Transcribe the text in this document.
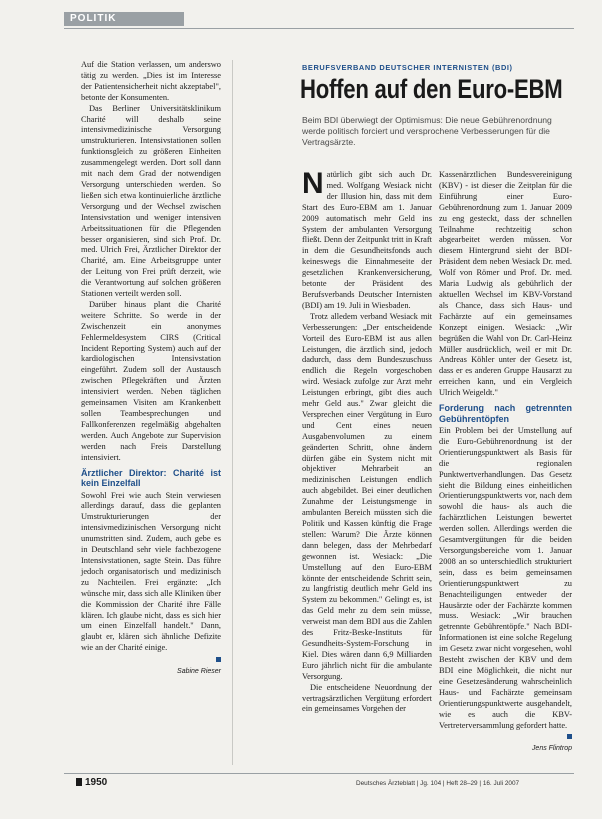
POLITIK

Auf die Station verlassen, um anderswo tätig zu werden. „Dies ist im Interesse der Patientensicherheit nicht akzeptabel", betonte der Konsumenten.

Das Berliner Universitätsklinikum Charité will deshalb seine intensivmedizinische Versorgung umstrukturieren. Intensivstationen sollen funktionsgleich zu größeren Einheiten zusammengelegt werden. Dort soll dann mit nach dem Grad der notwendigen Versorgung unterschieden werden. So ließen sich etwa kontinuierliche ärztliche Versorgung und der Wechsel zwischen Intensivstation und weniger intensiven Arbeitssituationen für die Pflegenden besser organisieren, sind sich Prof. Dr. med. Ulrich Frei, Ärztlicher Direktor der Charité, am. Eine Arbeitsgruppe unter der Leitung von Frei prüft derzeit, wie die Verantwortung auf solchen größeren Stationen verteilt werden soll.

Darüber hinaus plant die Charité weitere Schritte. So werde in der Zwischenzeit ein anonymes Fehlermeldesystem CIRS (Critical Incident Reporting System) auch auf der kardiologischen Intensivstation eingeführt. Zudem soll der Austausch zwischen Pflegekräften und Ärzten intensiviert werden. Neben täglichen gemeinsamen Visiten am Krankenbett sollen Teambesprechungen und Fallkonferenzen regelmäßig abgehalten werden. Auch Angebote zur Supervision werden nach Freis Darstellung intensiviert.

Ärztlicher Direktor: Charité ist kein Einzelfall

Sowohl Frei wie auch Stein verwiesen allerdings darauf, dass die geplanten Umstrukturierungen der intensivmedizinischen Versorgung nicht unumstritten sind. Zudem, auch gebe es in Deutschland sehr viele fachbezogene Intensivstationen, sagte Stein. Das führe jedoch organisatorisch und medizinisch zu Nachteilen. Frei ergänzte: „Ich wünsche mir, dass sich alle Kliniken über die Kommission der Charité ihre Fälle klären. Ich glaube nicht, dass es sich hier um einen Einzelfall handelt." Dann, glaubt er, klären sich ähnliche Defizite wie an der Charité einige.

Sabine Rieser
BERUFSVERBAND DEUTSCHER INTERNISTEN (BDI)
Hoffen auf den Euro-EBM
Beim BDI überwiegt der Optimismus: Die neue Gebührenordnung werde politisch forciert und versprochene Verbesserungen für die Vertragsärzte.

Natürlich gibt sich auch Dr. med. Wolfgang Wesiack nicht der Illusion hin, dass mit dem Start des Euro-EBM am 1. Januar 2009 automatisch mehr Geld ins System der ambulanten Versorgung fließt. Denn der Zeitpunkt tritt in Kraft in dem die Gesundheitsfonds auch keineswegs die Einnahmeseite der gesetzlichen Krankenversicherung, betonte der Präsident des Berufsverbands Deutscher Internisten (BDI) am 19. Juli in Wiesbaden.

Trotz alledem verband Wesiack mit Verbesserungen: „Der entscheidende Vorteil des Euro-EBM ist aus allen Leistungen, die ärztlich sind, jedoch dadurch, dass dem Bundeszuschuss endlich die Regeln vorgeschoben wird. Wesiack zufolge zur Arzt mehr Leistungen erbringt, gibt dies auch mehr Geld aus." Zwar gleicht die Versprechen einer Vergütung in Euro und Cent eines neuen Ausgabenvolumen zu einem geänderten Schritt, ohne ändern dürfen gäbe ein System nicht mit objektiver Mehrarbeit an medizinischen Leistungen endlich auch abgebildet. Bei einer deutlichen Zunahme der Leistungsmenge in ambulanten Bereich müssten sich die Politik und Kassen künftig die Frage stellen: Warum? Die Ärzte können dann belegen, dass der Mehrbedarf gewonnen ist. Wesiack: „Die Umstellung auf den Euro-EBM könnte der entscheidende Schritt sein, zu langfristig deutlich mehr Geld ins System zu bekommen." Gelingt es, ist das Geld mehr zu dem sein müsse, verweist man dem BDI aus die Zahlen des Fritz-Beske-Instituts für Gesundheits-System-Forschung in Kiel. Dies wären dann 6,9 Milliarden Euro jährlich nicht für die ambulante Versorgung.

Die entscheidene Neuordnung der vertragsärztlichen Vergütung erfordert ein gemeinsames Vorgehen der

Kassenärztlichen Bundesvereinigung (KBV) - ist dieser die Zeitplan für die Einführung einer Euro-Gebührenordnung zum 1. Januar 2009 zu eng gesteckt, dass der schnellen Teilnahme rechtzeitig schon abgearbeitet werden müssen. Vor diesem Hintergrund sieht der BDI-Präsident dem neben Wesiack Dr. med. Wolf von Römer und Prof. Dr. med. Maria Ludwig als gebührlich der aktuellen Wechsel im KBV-Vorstand als Chance, dass sich Haus- und Fachärzte auf ein gemeinsames Konzept einigen. Wesiack: „Wir begrüßen die Wahl von Dr. Carl-Heinz Müller ausdrücklich, weil er mit Dr. Andreas Köhler unter der Gesetz ist, dass er es anderen Gruppe Hausarzt zu erreichen kann, und ein Vergleich Ulrich Weigeldt."

Forderung nach getrennten Gebührentöpfen

Ein Problem bei der Umstellung auf die Euro-Gebührenordnung ist der Orientierungspunktwert als Basis für die regionalen Punktwertverhandlungen. Das Gesetz sieht die Bildung eines einheitlichen Orientierungspunktwerts vor, nach dem sowohl die haus- als auch die fachärztlichen Leistungen bewertet werden sollen. Allerdings werden die Gesamtvergütungen für die beiden Versorgungsbereiche vom 1. Januar 2008 an so unterschiedlich strukturiert sein, dass es beim gemeinsamen Orientierungspunktwert zu Benachteiligungen entweder der Hausärzte oder der Fachärzte kommen muss. Wesiack: „Wir brauchen getrennte Gebührentöpfe." Nach BDI-Informationen ist eine solche Regelung im Gesetz zwar nicht vorgesehen, wohl Besteht zwischen der KBV und dem BDI eine Möglichkeit, die nicht nur eine Gesetzesänderung wahrscheinlich Haus- und Fachärzte gemeinsam Orientierungspunktwerte ausgehandelt, wie es auch die KBV-Vertreterversammlung gefordert hatte.

Jens Flintrop
1950	Deutsches Ärzteblatt | Jg. 104 | Heft 28–29 | 16. Juli 2007
